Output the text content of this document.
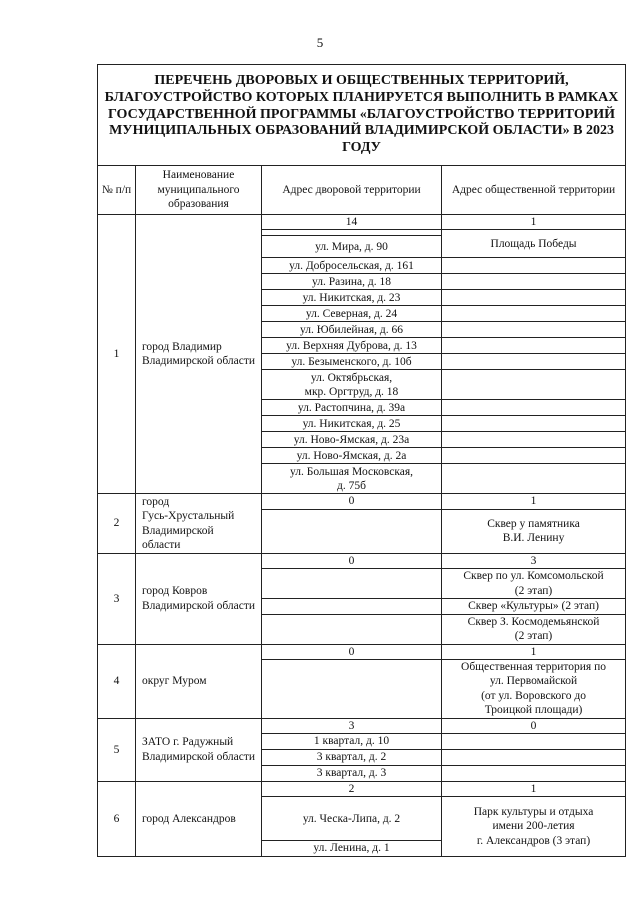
5
ПЕРЕЧЕНЬ ДВОРОВЫХ И ОБЩЕСТВЕННЫХ ТЕРРИТОРИЙ, БЛАГОУСТРОЙСТВО КОТОРЫХ ПЛАНИРУЕТСЯ ВЫПОЛНИТЬ В РАМКАХ ГОСУДАРСТВЕННОЙ ПРОГРАММЫ «БЛАГОУСТРОЙСТВО ТЕРРИТОРИЙ МУНИЦИПАЛЬНЫХ ОБРАЗОВАНИЙ ВЛАДИМИРСКОЙ ОБЛАСТИ» В 2023 ГОДУ			
№ п/п	Наименование муниципального образования	Адрес дворовой территории	Адрес общественной территории
1	город Владимир Владимирской области	14	1
			Площадь Победы
		ул. Мира, д. 90	
		ул. Добросельская, д. 161	
		ул. Разина, д. 18	
		ул. Никитская, д. 23	
		ул. Северная, д. 24	
		ул. Юбилейная, д. 66	
		ул. Верхняя Дуброва, д. 13	
		ул. Безыменского, д. 10б	
		ул. Октябрьская,
мкр. Оргтруд, д. 18	
		ул. Растопчина, д. 39а	
		ул. Никитская, д. 25	
		ул. Ново-Ямская, д. 23а	
		ул. Ново-Ямская, д. 2а	
		ул. Большая Московская,
д. 75б	
2	город
Гусь-Хрустальный
Владимирской
области	0	1
			Сквер у памятника
В.И. Ленину
3	город Ковров Владимирской области	0	3
			Сквер по ул. Комсомольской
(2 этап)
			Сквер «Культуры» (2 этап)
			Сквер З. Космодемьянской
(2 этап)
4	округ Муром	0	1
			Общественная территория по
ул. Первомайской
(от ул. Воровского до
Троицкой площади)
5	ЗАТО г. Радужный Владимирской области	3	0
		1 квартал, д. 10	
		3 квартал, д. 2	
		3 квартал, д. 3	
6	город Александров	2	1
		ул. Ческа-Липа, д. 2	Парк культуры и отдыха
имени 200-летия
г. Александров (3 этап)
		ул. Ленина, д. 1	
